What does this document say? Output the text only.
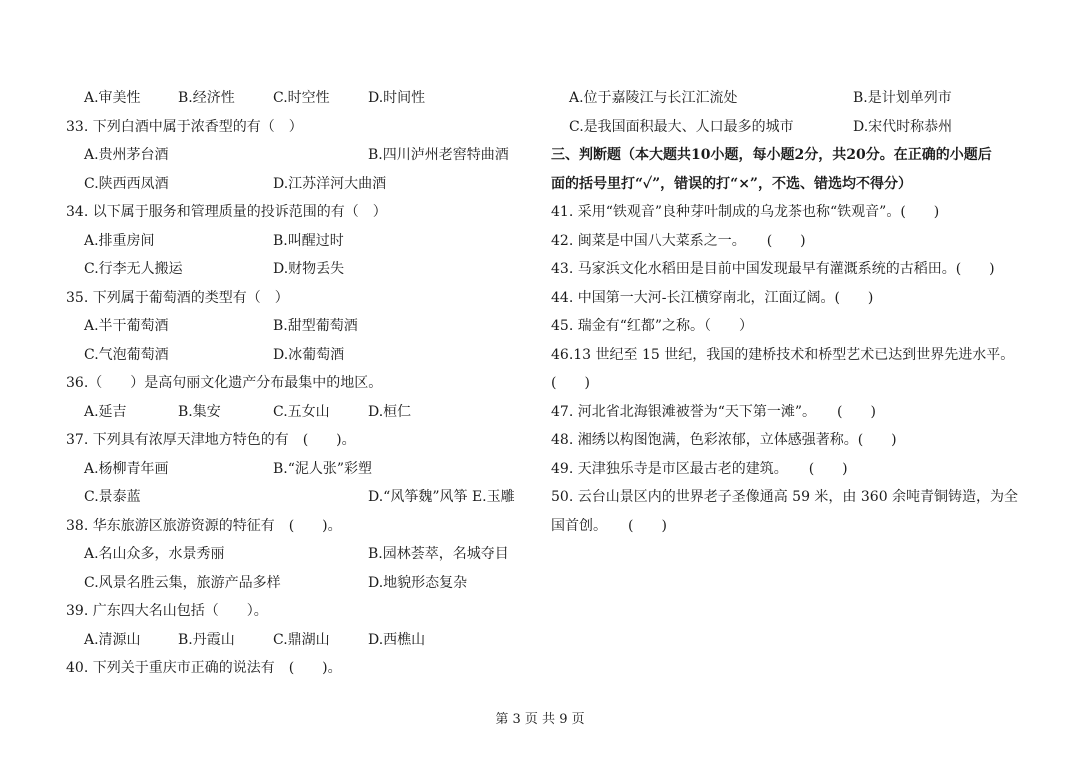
A.审美性	B.经济性	C.时空性	D.时间性
33. 下列白酒中属于浓香型的有（　）
A.贵州茅台酒	B.四川泸州老窖特曲酒
C.陕西西凤酒	D.江苏洋河大曲酒
34. 以下属于服务和管理质量的投诉范围的有（　）
A.排重房间	B.叫醒过时
C.行李无人搬运	D.财物丢失
35. 下列属于葡萄酒的类型有（　）
A.半干葡萄酒	B.甜型葡萄酒
C.气泡葡萄酒	D.冰葡萄酒
36.（　　）是高句丽文化遗产分布最集中的地区。
A.延吉	B.集安	C.五女山	D.桓仁
37. 下列具有浓厚天津地方特色的有　(　　)。
A.杨柳青年画	B.“泥人张”彩塑
C.景泰蓝	D.“风筝魏”风筝 E.玉雕
38. 华东旅游区旅游资源的特征有　(　　)。
A.名山众多，水景秀丽	B.园林荟萃，名城夺目
C.风景名胜云集，旅游产品多样	D.地貌形态复杂
39. 广东四大名山包括（　　）。
A.清源山	B.丹霞山	C.鼎湖山	D.西樵山
40. 下列关于重庆市正确的说法有　(　　)。
A.位于嘉陵江与长江汇流处	B.是计划单列市
C.是我国面积最大、人口最多的城市	D.宋代时称恭州
三、判断题（本大题共10小题，每小题2分，共20分。在正确的小题后
面的括号里打“✓”，错误的打“×”，不选、错选均不得分）
41. 采用“铁观音”良种芽叶制成的乌龙茶也称“铁观音”。(　　)
42. 闽菜是中国八大菜系之一。　　(　　)
43. 马家浜文化水稻田是目前中国发现最早有灌溉系统的古稻田。(　　)
44. 中国第一大河-长江横穿南北，江面辽阔。(　　)
45. 瑞金有“红都”之称。（　　）
46.13 世纪至 15 世纪，我国的建桥技术和桥型艺术已达到世界先进水平。
(　　)
47. 河北省北海银滩被誉为“天下第一滩”。　　(　　)
48. 湘绣以构图饱满，色彩浓郁，立体感强著称。(　　)
49. 天津独乐寺是市区最古老的建筑。　　(　　)
50. 云台山景区内的世界老子圣像通高 59 米，由 360 余吨青铜铸造，为全
国首创。　　(　　)
第 3 页 共 9 页
